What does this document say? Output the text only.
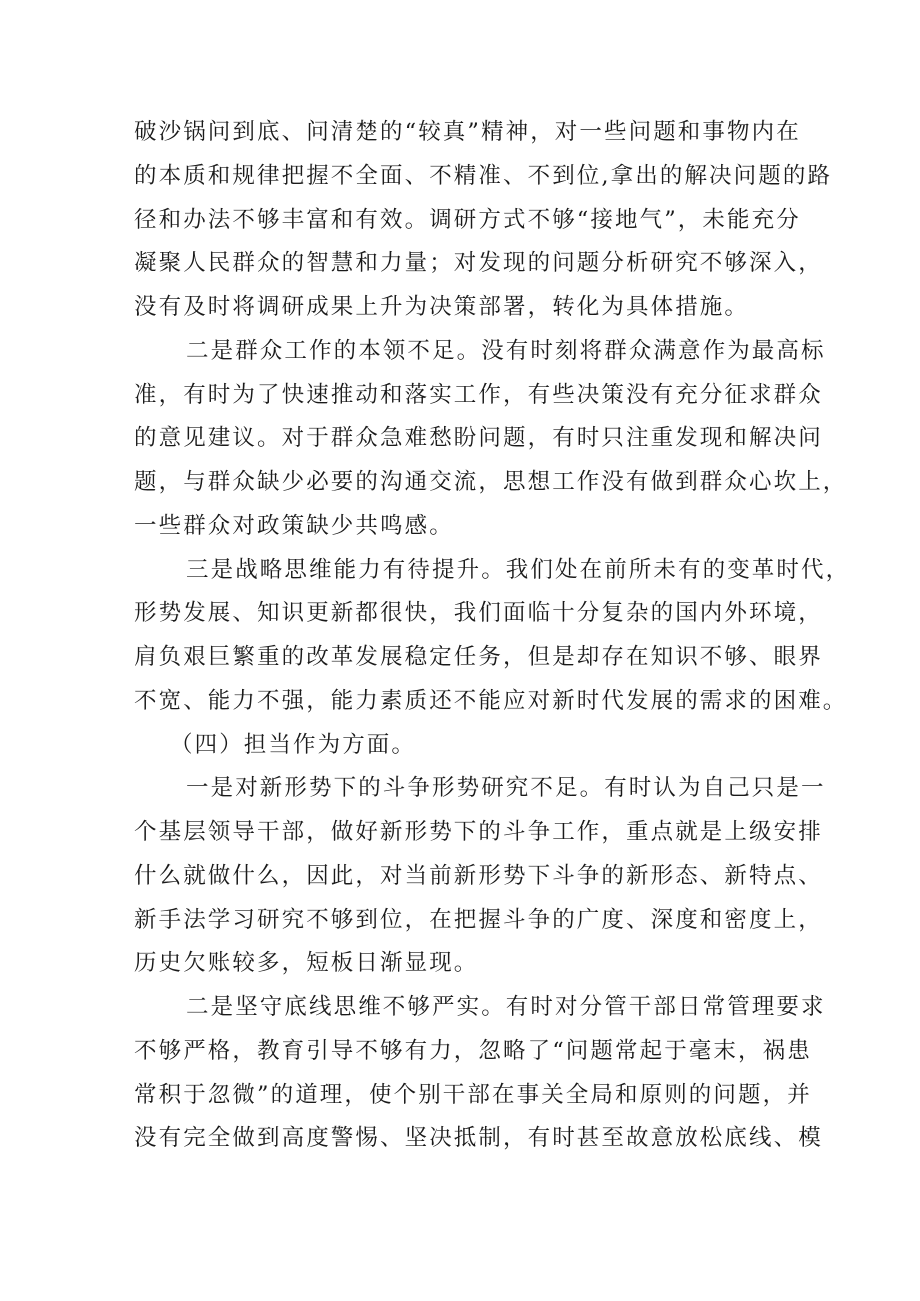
破沙锅问到底、问清楚的“较真”精神，对一些问题和事物内在
的本质和规律把握不全面、不精准、不到位,拿出的解决问题的路
径和办法不够丰富和有效。调研方式不够“接地气”，未能充分
凝聚人民群众的智慧和力量；对发现的问题分析研究不够深入，
没有及时将调研成果上升为决策部署，转化为具体措施。
二是群众工作的本领不足。没有时刻将群众满意作为最高标
准，有时为了快速推动和落实工作，有些决策没有充分征求群众
的意见建议。对于群众急难愁盼问题，有时只注重发现和解决问
题，与群众缺少必要的沟通交流，思想工作没有做到群众心坎上，
一些群众对政策缺少共鸣感。
三是战略思维能力有待提升。我们处在前所未有的变革时代，
形势发展、知识更新都很快，我们面临十分复杂的国内外环境，
肩负艰巨繁重的改革发展稳定任务，但是却存在知识不够、眼界
不宽、能力不强，能力素质还不能应对新时代发展的需求的困难。
（四）担当作为方面。
一是对新形势下的斗争形势研究不足。有时认为自己只是一
个基层领导干部，做好新形势下的斗争工作，重点就是上级安排
什么就做什么，因此，对当前新形势下斗争的新形态、新特点、
新手法学习研究不够到位，在把握斗争的广度、深度和密度上，
历史欠账较多，短板日渐显现。
二是坚守底线思维不够严实。有时对分管干部日常管理要求
不够严格，教育引导不够有力，忽略了“问题常起于毫末，祸患
常积于忽微”的道理，使个别干部在事关全局和原则的问题，并
没有完全做到高度警惕、坚决抵制，有时甚至故意放松底线、模
